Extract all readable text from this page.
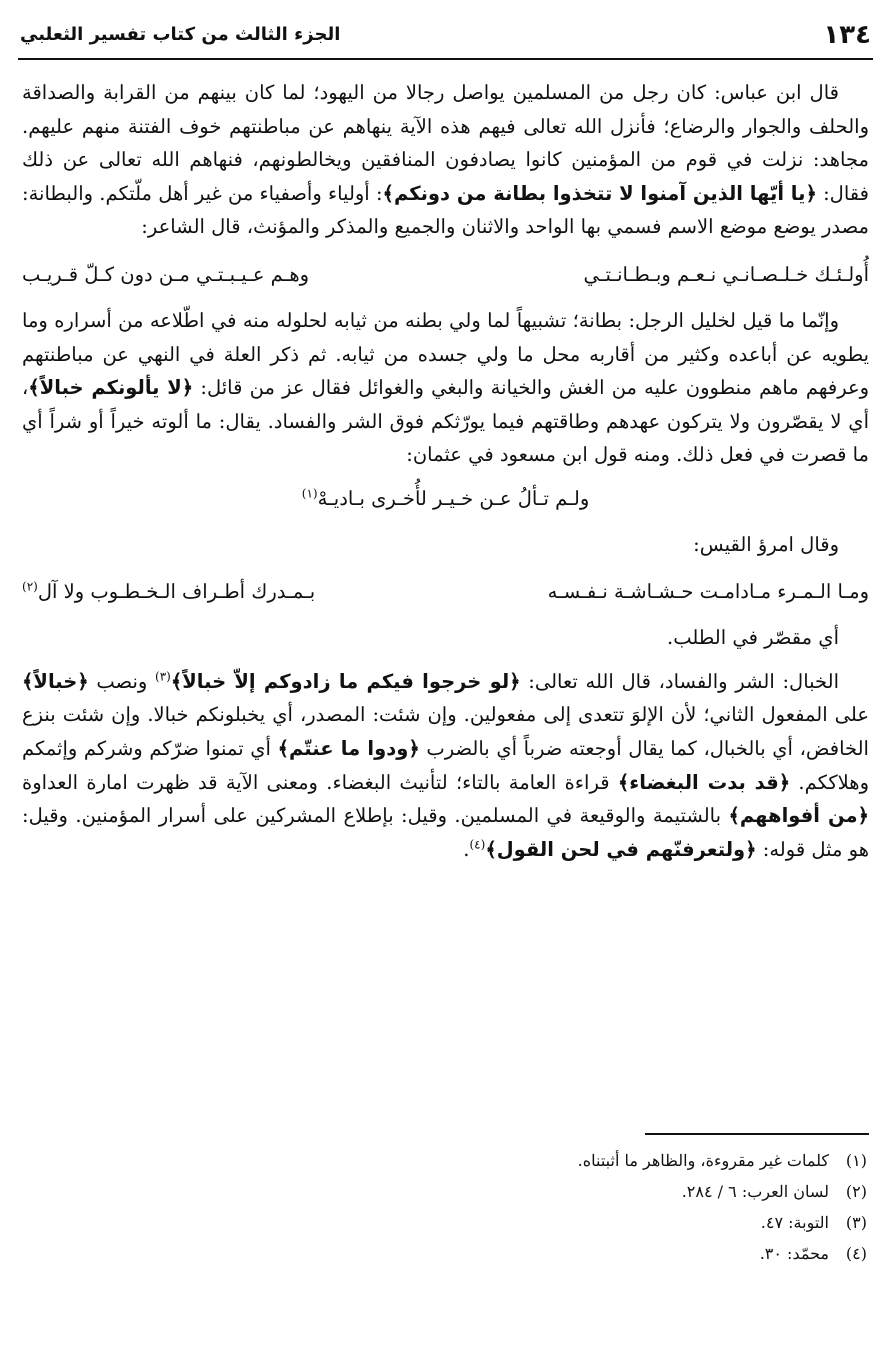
١٣٤
الجزء الثالث من كتاب تفسير الثعلبي

قال ابن عباس: كان رجل من المسلمين يواصل رجالا من اليهود؛ لما كان بينهم من القرابة والصداقة والحلف والجوار والرضاع؛ فأنزل الله تعالى فيهم هذه الآية ينهاهم عن مباطنتهم خوف الفتنة منهم عليهم. مجاهد: نزلت في قوم من المؤمنين كانوا يصادفون المنافقين ويخالطونهم، فنهاهم الله تعالى عن ذلك فقال: ﴿يا أيّها الذين آمنوا لا تتخذوا بطانة من دونكم﴾: أولياء وأصفياء من غير أهل ملّتكم. والبطانة: مصدر يوضع موضع الاسم فسمي بها الواحد والاثنان والجميع والمذكر والمؤنث، قال الشاعر:

أُولـئـك خـلـصـانـي نـعـم وبـطـانـتـي
وهـم عـيـبـتـي مـن دون كـلّ قـريـب

وإنّما ما قيل لخليل الرجل: بطانة؛ تشبيهاً لما ولي بطنه من ثيابه لحلوله منه في اطّلاعه من أسراره وما يطويه عن أباعده وكثير من أقاربه محل ما ولي جسده من ثيابه. ثم ذكر العلة في النهي عن مباطنتهم وعرفهم ماهم منطوون عليه من الغش والخيانة والبغي والغوائل فقال عز من قائل: ﴿لا يألونكم خبالاً﴾، أي لا يقصّرون ولا يتركون عهدهم وطاقتهم فيما يورّثكم فوق الشر والفساد. يقال: ما ألوته خيراً أو شراً أي ما قصرت في فعل ذلك. ومنه قول ابن مسعود في عثمان:

ولـم تـألُ عـن خـيـر لأُخـرى بـاديـهْ$^{(١)}$

وقال امرؤ القيس:

ومـا الـمـرء مـادامـت حـشـاشـة نـفـسـه
بـمـدرك أطـراف الـخـطـوب ولا آل$^{(٢)}$

أي مقصّر في الطلب.

الخبال: الشر والفساد، قال الله تعالى: ﴿لو خرجوا فيكم ما زادوكم إلاّ خبالاً﴾$^{(٣)}$ ونصب ﴿خبالاً﴾ على المفعول الثاني؛ لأن الإلوَ تتعدى إلى مفعولين. وإن شئت: المصدر، أي يخبلونكم خبالا. وإن شئت بنزع الخافض، أي بالخبال، كما يقال أوجعته ضرباً أي بالضرب ﴿ودوا ما عنتّم﴾ أي تمنوا ضرّكم وشركم وإثمكم وهلاككم. ﴿قد بدت البغضاء﴾ قراءة العامة بالتاء؛ لتأنيث البغضاء. ومعنى الآية قد ظهرت امارة العداوة ﴿من أفواههم﴾ بالشتيمة والوقيعة في المسلمين. وقيل: بإطلاع المشركين على أسرار المؤمنين. وقيل: هو مثل قوله: ﴿ولتعرفنّهم في لحن القول﴾$^{(٤)}$.

(١)
كلمات غير مقروءة، والظاهر ما أثبتناه.
(٢)
لسان العرب: ٦ / ٢٨٤.
(٣)
التوبة: ٤٧.
(٤)
محمّد: ٣٠.
